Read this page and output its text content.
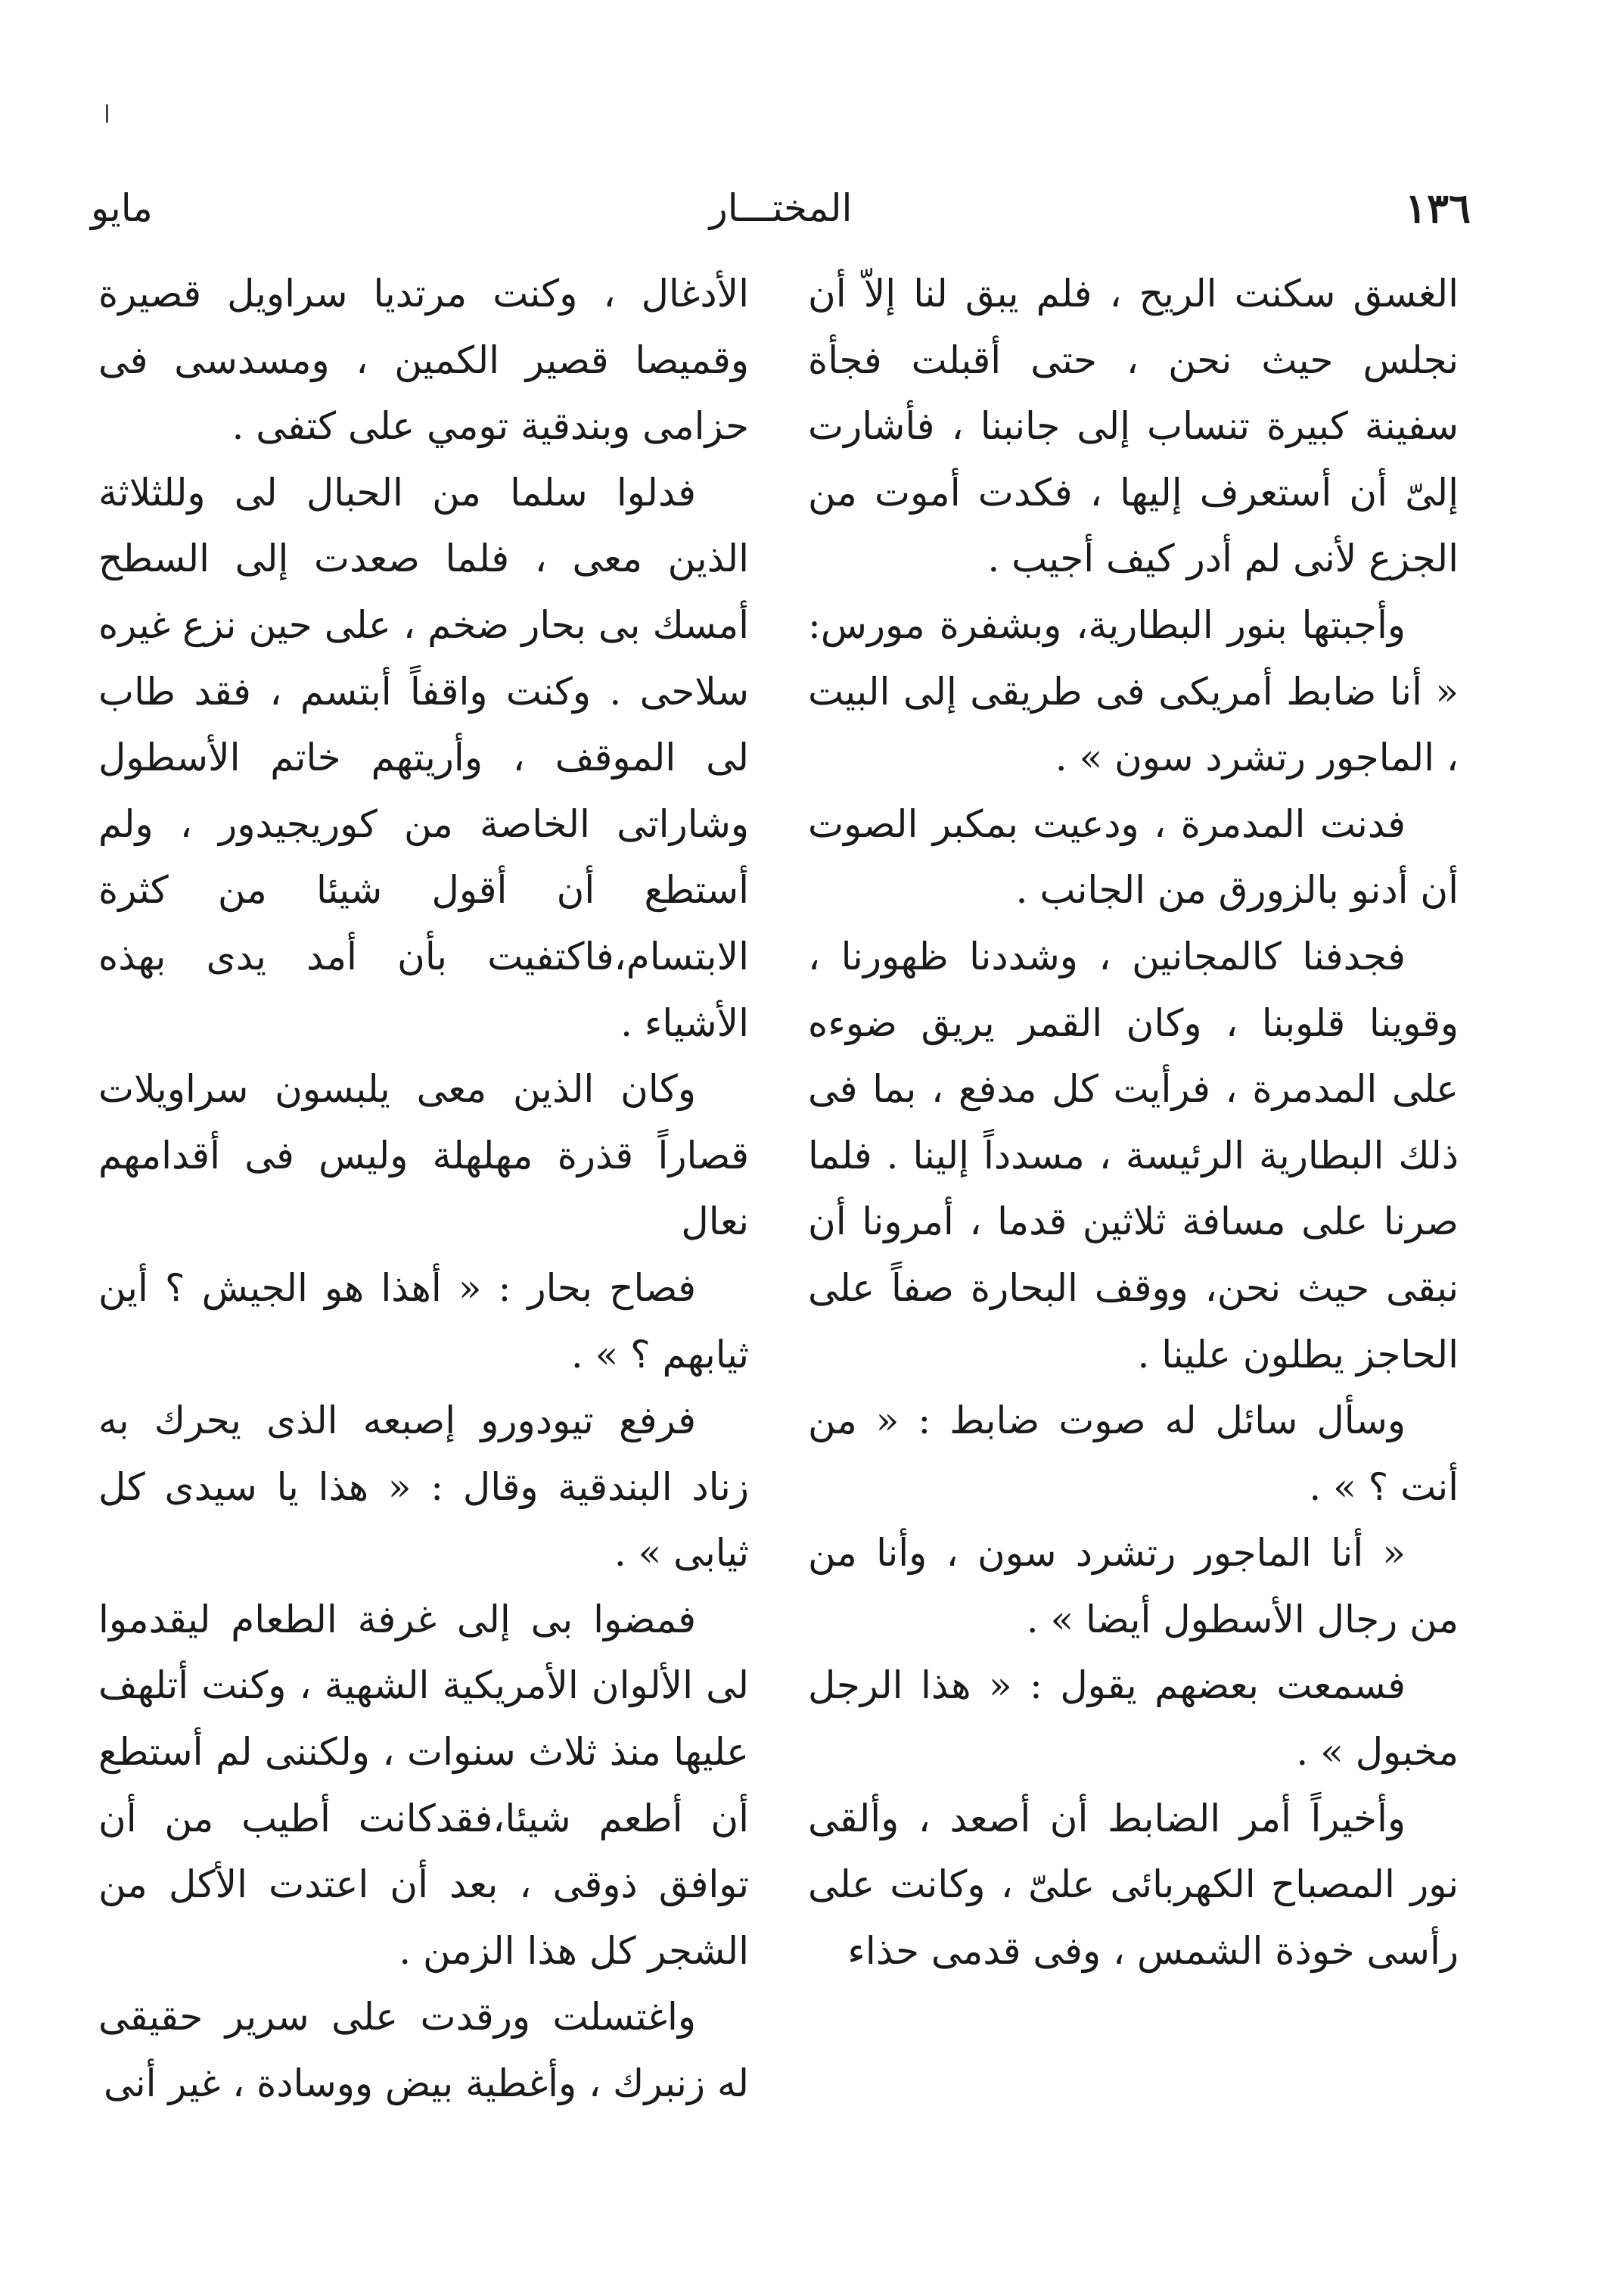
١٣٦
المختـــار
مايو

الغسق سكنت الريح ، فلم يبق لنا إلاّ أن نجلس حيث نحن ، حتى أقبلت فجأة سفينة كبيرة تنساب إلى جانبنا ، فأشارت إلىّ أن أستعرف إليها ، فكدت أموت من الجزع لأنى لم أدر كيف أجيب .

وأجبتها بنور البطارية، وبشفرة مورس: « أنا ضابط أمريكى فى طريقى إلى البيت ، الماجور رتشرد سون » .

فدنت المدمرة ، ودعيت بمكبر الصوت أن أدنو بالزورق من الجانب .

فجدفنا كالمجانين ، وشددنا ظهورنا ، وقوينا قلوبنا ، وكان القمر يريق ضوءه على المدمرة ، فرأيت كل مدفع ، بما فى ذلك البطارية الرئيسة ، مسدداً إلينا . فلما صرنا على مسافة ثلاثين قدما ، أمرونا أن نبقى حيث نحن، ووقف البحارة صفاً على الحاجز يطلون علينا .

وسأل سائل له صوت ضابط : « من أنت ؟ » .

« أنا الماجور رتشرد سون ، وأنا من من رجال الأسطول أيضا » .

فسمعت بعضهم يقول : « هذا الرجل مخبول » .

وأخيراً أمر الضابط أن أصعد ، وألقى نور المصباح الكهربائى علىّ ، وكانت على رأسى خوذة الشمس ، وفى قدمى حذاء

الأدغال ، وكنت مرتديا سراويل قصيرة وقميصا قصير الكمين ، ومسدسى فى حزامى وبندقية تومي على كتفى .

فدلوا سلما من الحبال لى وللثلاثة الذين معى ، فلما صعدت إلى السطح أمسك بى بحار ضخم ، على حين نزع غيره سلاحى . وكنت واقفاً أبتسم ، فقد طاب لى الموقف ، وأريتهم خاتم الأسطول وشاراتى الخاصة من كوريجيدور ، ولم أستطع أن أقول شيئا من كثرة الابتسام،فاكتفيت بأن أمد يدى بهذه الأشياء .

وكان الذين معى يلبسون سراويلات قصاراً قذرة مهلهلة وليس فى أقدامهم نعال

فصاح بحار : « أهذا هو الجيش ؟ أين ثيابهم ؟ » .

فرفع تيودورو إصبعه الذى يحرك به زناد البندقية وقال : « هذا يا سيدى كل ثيابى » .

فمضوا بى إلى غرفة الطعام ليقدموا لى الألوان الأمريكية الشهية ، وكنت أتلهف عليها منذ ثلاث سنوات ، ولكننى لم أستطع أن أطعم شيئا،فقدكانت أطيب من أن توافق ذوقى ، بعد أن اعتدت الأكل من الشجر كل هذا الزمن .

واغتسلت ورقدت على سرير حقيقى له زنبرك ، وأغطية بيض ووسادة ، غير أنى
